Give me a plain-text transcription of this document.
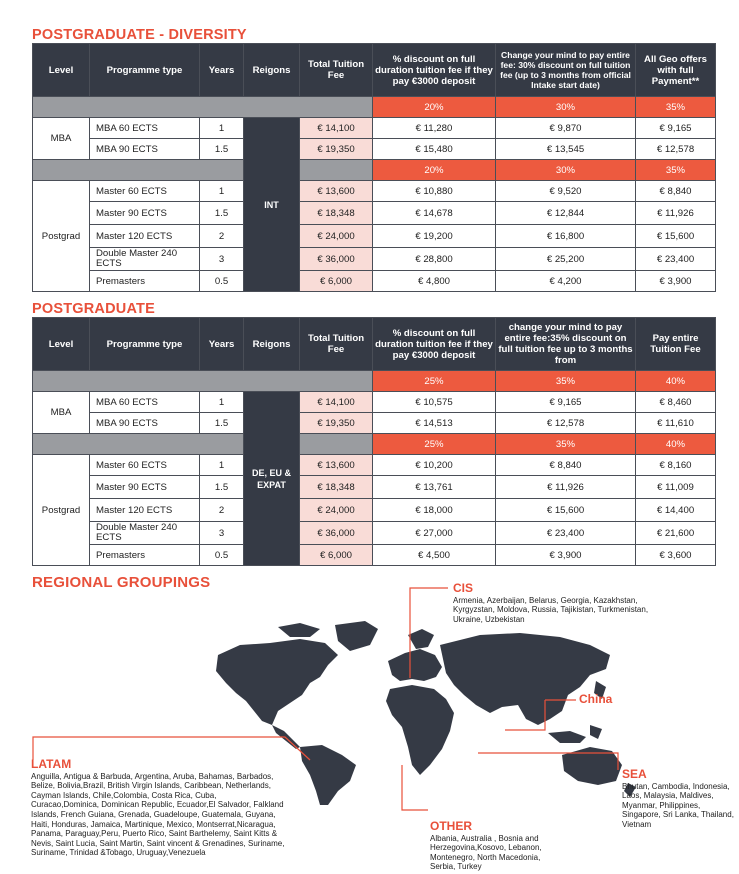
POSTGRADUATE - DIVERSITY
Level	Programme type	Years	Reigons	Total Tuition Fee	% discount on full duration tuition fee if they pay €3000 deposit	Change your mind to pay entire fee: 30% discount on full tuition fee (up to 3 months from official Intake start date)	All Geo offers with full Payment**
					20%	30%	35%
MBA	MBA 60 ECTS	1	INT	€ 14,100	€ 11,280	€ 9,870	€ 9,165
	MBA 90 ECTS	1.5		€ 19,350	€ 15,480	€ 13,545	€ 12,578
					20%	30%	35%
Postgrad	Master 60 ECTS	1		€ 13,600	€ 10,880	€ 9,520	€ 8,840
	Master 90 ECTS	1.5		€ 18,348	€ 14,678	€ 12,844	€ 11,926
	Master 120 ECTS	2		€ 24,000	€ 19,200	€ 16,800	€ 15,600
	Double Master 240 ECTS	3		€ 36,000	€ 28,800	€ 25,200	€ 23,400
	Premasters	0.5		€ 6,000	€ 4,800	€ 4,200	€ 3,900
POSTGRADUATE
Level	Programme type	Years	Reigons	Total Tuition Fee	% discount on full duration tuition fee if they pay €3000 deposit	change your mind to pay entire fee:35% discount on full tuition fee up to 3 months from	Pay entire Tuition Fee
					25%	35%	40%
MBA	MBA 60 ECTS	1	DE, EU & EXPAT	€ 14,100	€ 10,575	€ 9,165	€ 8,460
	MBA 90 ECTS	1.5		€ 19,350	€ 14,513	€ 12,578	€ 11,610
					25%	35%	40%
Postgrad	Master 60 ECTS	1		€ 13,600	€ 10,200	€ 8,840	€ 8,160
	Master 90 ECTS	1.5		€ 18,348	€ 13,761	€ 11,926	€ 11,009
	Master 120 ECTS	2		€ 24,000	€ 18,000	€ 15,600	€ 14,400
	Double Master 240 ECTS	3		€ 36,000	€ 27,000	€ 23,400	€ 21,600
	Premasters	0.5		€ 6,000	€ 4,500	€ 3,900	€ 3,600
REGIONAL GROUPINGS	CIS
Armenia, Azerbaijan, Belarus, Georgia, Kazakhstan, Kyrgyzstan, Moldova, Russia, Tajikistan, Turkmenistan, Ukraine, Uzbekistan
China
LATAM
Anguilla, Antigua & Barbuda, Argentina, Aruba, Bahamas, Barbados, Belize, Bolivia,Brazil, British Virgin Islands, Caribbean, Netherlands, Cayman Islands, Chile,Colombia, Costa Rica, Cuba, Curacao,Dominica, Dominican Republic, Ecuador,El Salvador, Falkland Islands, French Guiana, Grenada, Guadeloupe, Guatemala, Guyana, Haiti, Honduras, Jamaica, Martinique, Mexico, Montserrat,Nicaragua, Panama, Paraguay,Peru, Puerto Rico, Saint Barthelemy, Saint Kitts & Nevis, Saint Lucia, Saint Martin, Saint vincent & Grenadines, Suriname, Suriname, Trinidad &Tobago, Uruguay,Venezuela
OTHER
Albania, Australia , Bosnia and Herzegovina,Kosovo, Lebanon, Montenegro, North Macedonia, Serbia, Turkey
SEA
Bhutan, Cambodia, Indonesia, Laos, Malaysia, Maldives, Myanmar, Philippines, Singapore, Sri Lanka, Thailand, Vietnam
